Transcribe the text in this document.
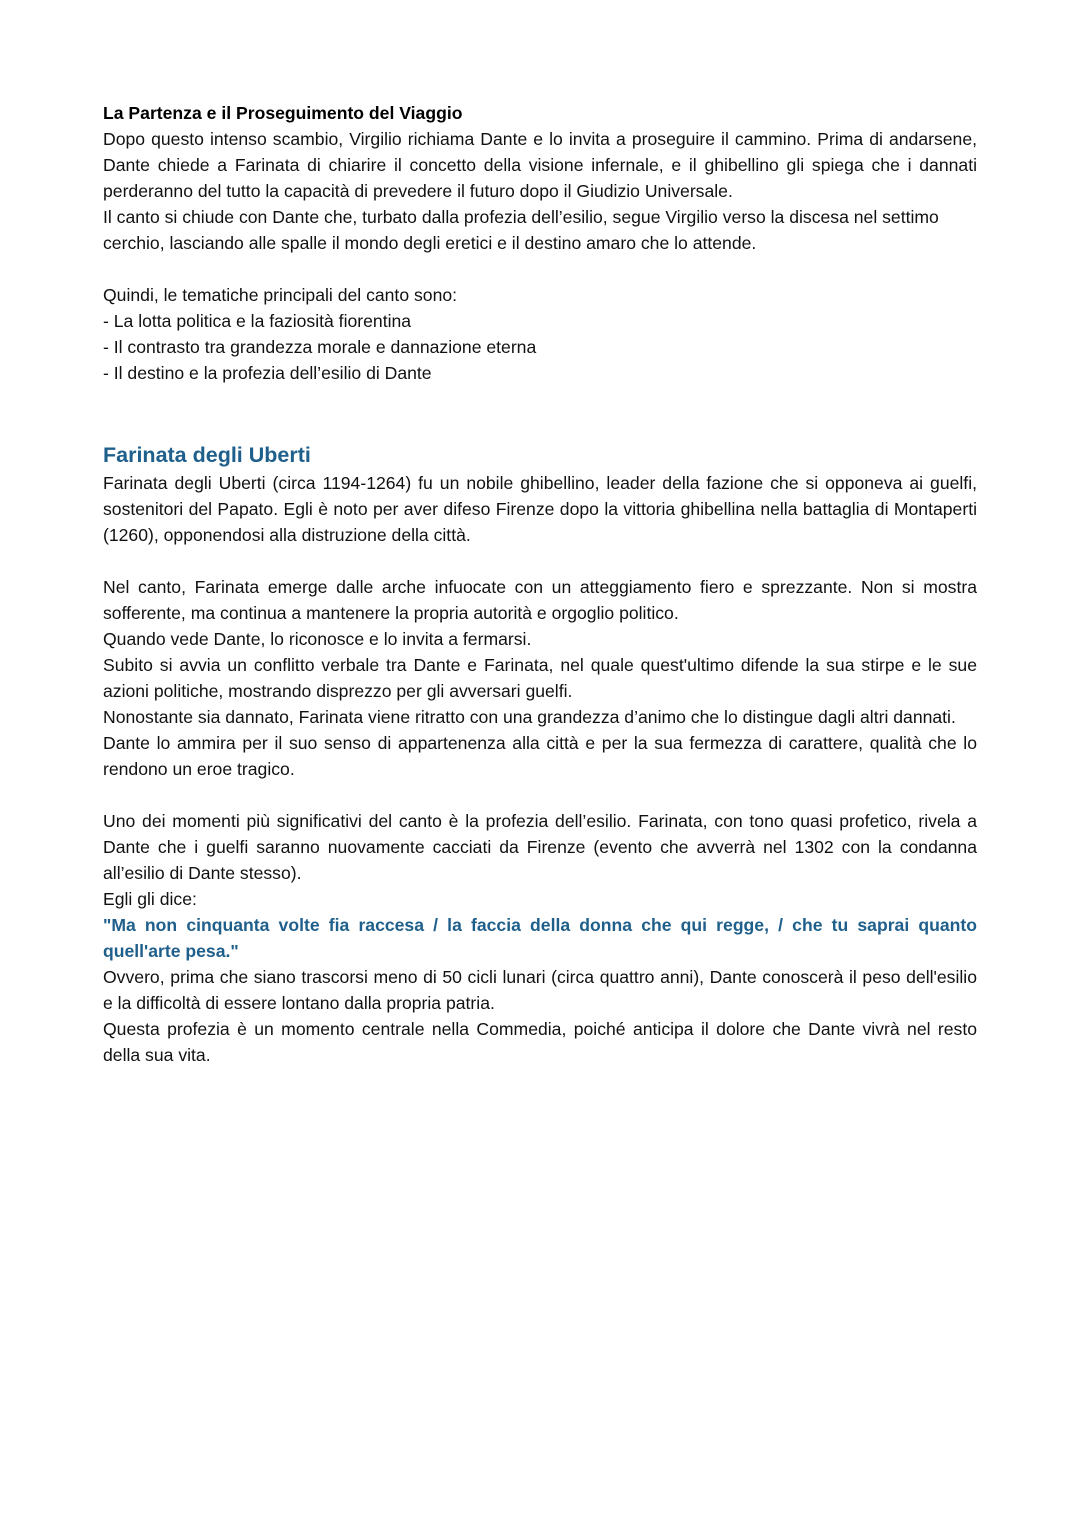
La Partenza e il Proseguimento del Viaggio

Dopo questo intenso scambio, Virgilio richiama Dante e lo invita a proseguire il cammino. Prima di andarsene, Dante chiede a Farinata di chiarire il concetto della visione infernale, e il ghibellino gli spiega che i dannati perderanno del tutto la capacità di prevedere il futuro dopo il Giudizio Universale.

Il canto si chiude con Dante che, turbato dalla profezia dell’esilio, segue Virgilio verso la discesa nel settimo cerchio, lasciando alle spalle il mondo degli eretici e il destino amaro che lo attende.

Quindi, le tematiche principali del canto sono:

- La lotta politica e la faziosità fiorentina
- Il contrasto tra grandezza morale e dannazione eterna
- Il destino e la profezia dell’esilio di Dante
Farinata degli Uberti

Farinata degli Uberti (circa 1194-1264) fu un nobile ghibellino, leader della fazione che si opponeva ai guelfi, sostenitori del Papato. Egli è noto per aver difeso Firenze dopo la vittoria ghibellina nella battaglia di Montaperti (1260), opponendosi alla distruzione della città.

Nel canto, Farinata emerge dalle arche infuocate con un atteggiamento fiero e sprezzante. Non si mostra sofferente, ma continua a mantenere la propria autorità e orgoglio politico.

Quando vede Dante, lo riconosce e lo invita a fermarsi.

Subito si avvia un conflitto verbale tra Dante e Farinata, nel quale quest'ultimo difende la sua stirpe e le sue azioni politiche, mostrando disprezzo per gli avversari guelfi.

Nonostante sia dannato, Farinata viene ritratto con una grandezza d’animo che lo distingue dagli altri dannati.

Dante lo ammira per il suo senso di appartenenza alla città e per la sua fermezza di carattere, qualità che lo rendono un eroe tragico.

Uno dei momenti più significativi del canto è la profezia dell’esilio. Farinata, con tono quasi profetico, rivela a Dante che i guelfi saranno nuovamente cacciati da Firenze (evento che avverrà nel 1302 con la condanna all’esilio di Dante stesso).

Egli gli dice:

"Ma non cinquanta volte fia raccesa / la faccia della donna che qui regge, / che tu saprai quanto quell'arte pesa."

Ovvero, prima che siano trascorsi meno di 50 cicli lunari (circa quattro anni), Dante conoscerà il peso dell'esilio e la difficoltà di essere lontano dalla propria patria.

Questa profezia è un momento centrale nella Commedia, poiché anticipa il dolore che Dante vivrà nel resto della sua vita.
